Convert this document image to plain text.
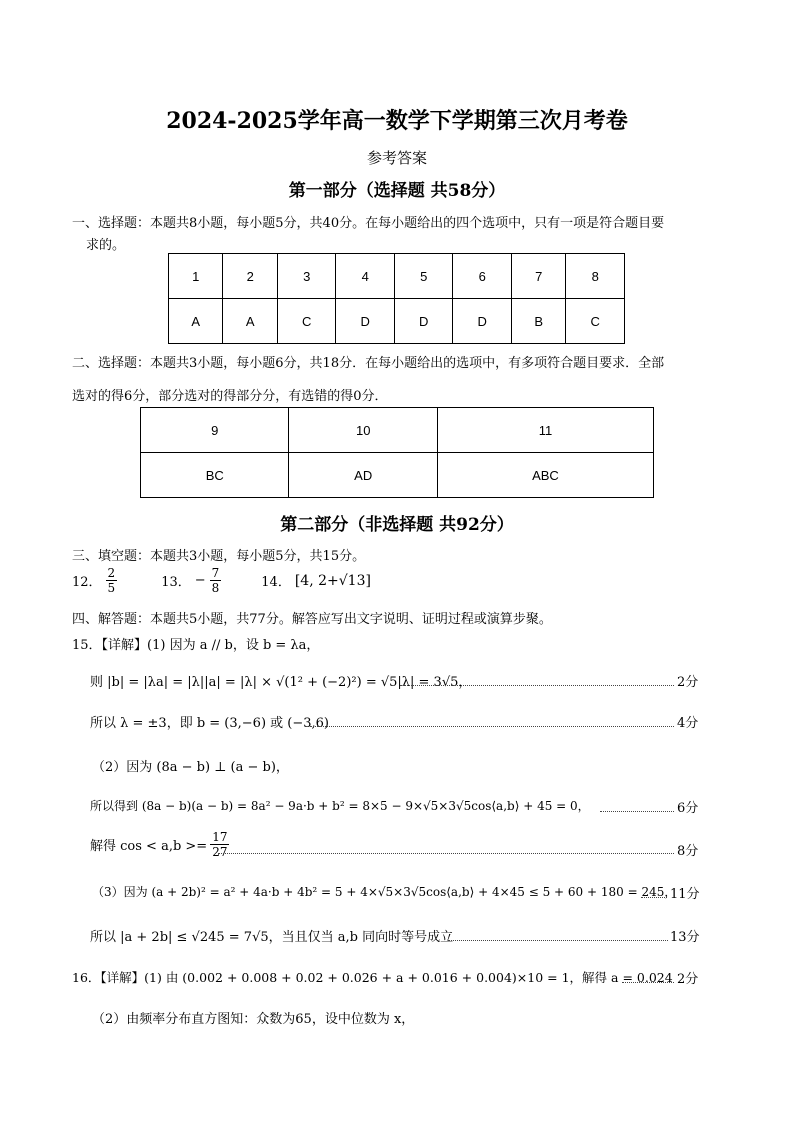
2024-2025学年高一数学下学期第三次月考卷
参考答案
第一部分（选择题 共58分）
一、选择题：本题共8小题，每小题5分，共40分。在每小题给出的四个选项中，只有一项是符合题目要
求的。
1	2	3	4	5	6	7	8
A	A	C	D	D	D	B	C
二、选择题：本题共3小题，每小题6分，共18分．在每小题给出的选项中，有多项符合题目要求．全部
选对的得6分，部分选对的得部分分，有选错的得0分．
9	10	11
BC	AD	ABC
第二部分（非选择题 共92分）
三、填空题：本题共3小题，每小题5分，共15分。
12． $\frac{2}{5}$	13． − $\frac{7}{8}$	14． [4, 2+√13]
四、解答题：本题共5小题，共77分。解答应写出文字说明、证明过程或演算步聚。
15．【详解】(1) 因为 a // b，设 b = λa，
则 |b| = |λa| = |λ||a| = |λ| × √(1² + (−2)²) = √5|λ| = 3√5，	2分
所以 λ = ±3，即 b = (3,−6) 或 (−3,6)	4分
（2）因为 (8a − b) ⊥ (a − b)，
所以得到 (8a − b)(a − b) = 8a² − 9a·b + b² = 8×5 − 9×√5×3√5cos⟨a,b⟩ + 45 = 0，	6分
解得 $\cos < a,b >= \frac{17}{27}$	8分
（3）因为 (a + 2b)² = a² + 4a·b + 4b² = 5 + 4×√5×3√5cos⟨a,b⟩ + 4×45 ≤ 5 + 60 + 180 = 245，
11分
所以 |a + 2b| ≤ √245 = 7√5，当且仅当 a,b 同向时等号成立	13分
16．【详解】(1) 由 (0.002 + 0.008 + 0.02 + 0.026 + a + 0.016 + 0.004)×10 = 1，解得 a = 0.024 2分
（2）由频率分布直方图知：众数为65，设中位数为 x，
